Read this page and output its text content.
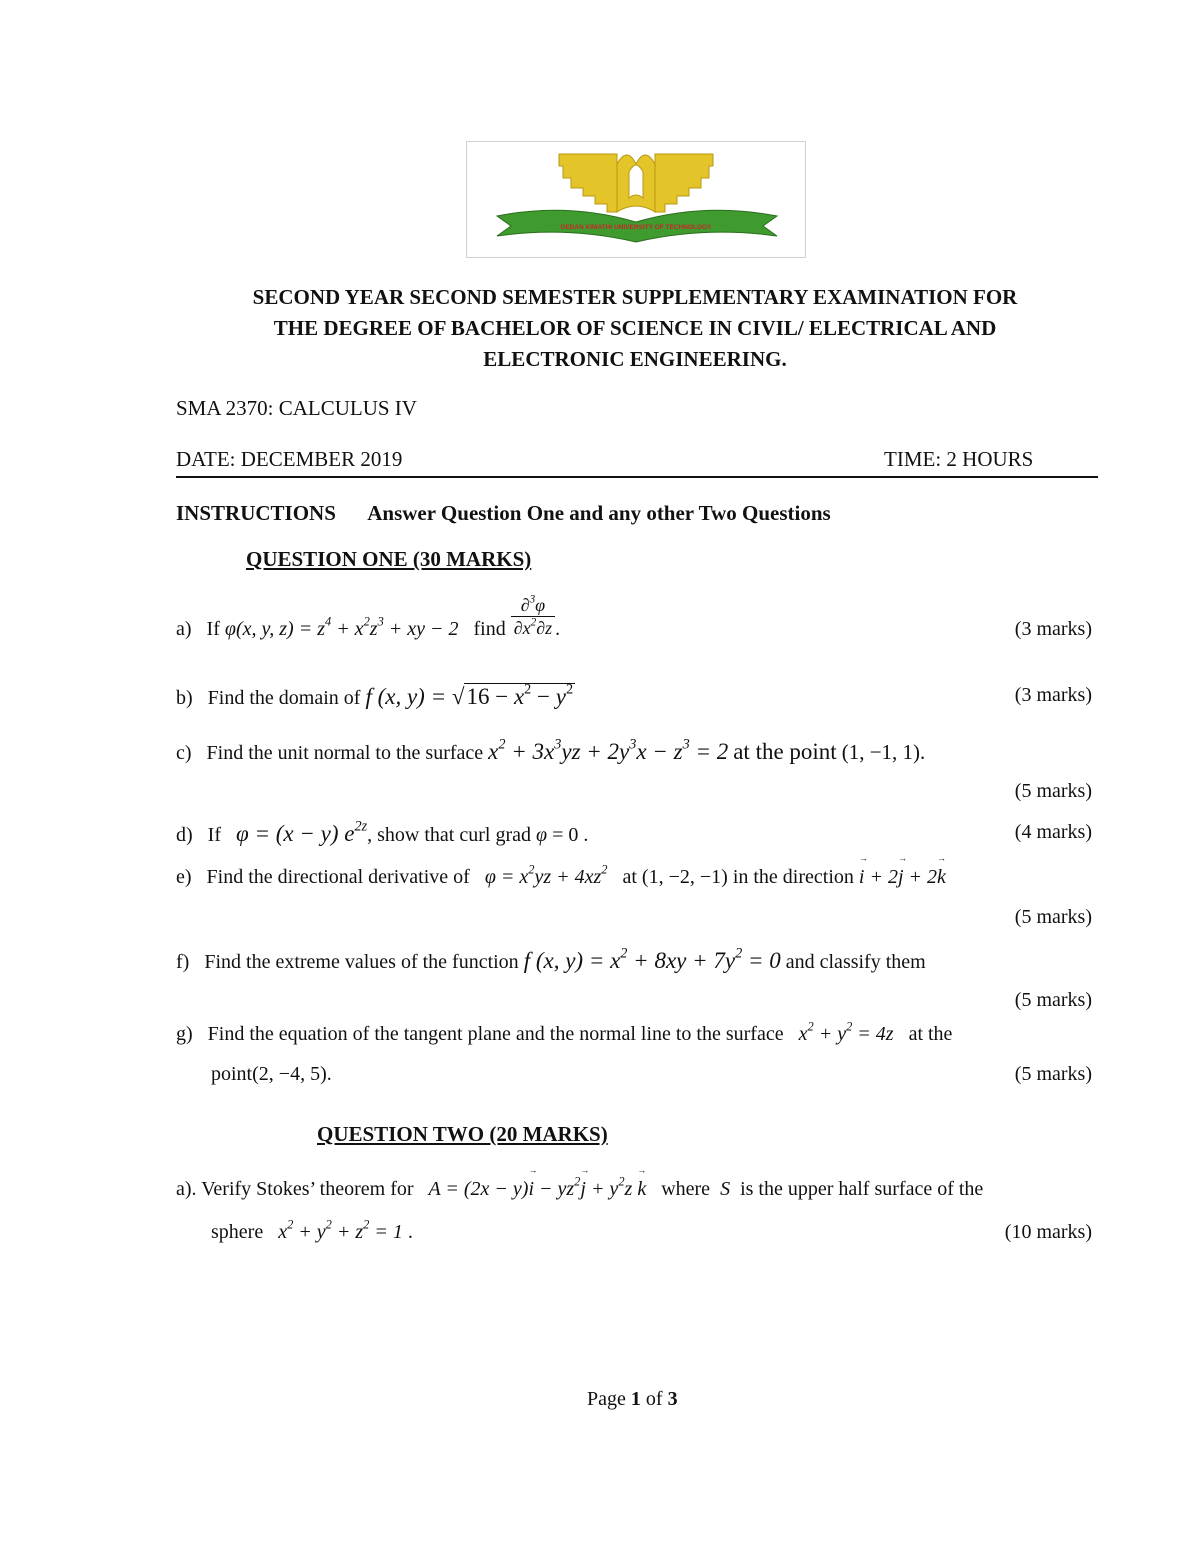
DEDAN KIMATHI UNIVERSITY OF TECHNOLOGY
SECOND YEAR SECOND SEMESTER SUPPLEMENTARY EXAMINATION FOR
THE DEGREE OF BACHELOR OF SCIENCE IN CIVIL/ ELECTRICAL AND
ELECTRONIC ENGINEERING.
SMA 2370: CALCULUS IV
DATE: DECEMBER 2019	TIME: 2 HOURS
INSTRUCTIONS Answer Question One and any other Two Questions
QUESTION ONE (30 MARKS)
a) If φ(x, y, $z) = z^4 + x^2z^3$ + xy − 2 find $\frac{\partial^3\varphi}{\partial x^2\partial z}$ .	(3 marks)
b) Find the domain of f (x, $y) = √16 - x^2 - y^2$	(3 marks)
c) Find the unit normal to the surface $x^2 + 3x^3yz + 2y^3x - z^3 = 2$ at the point (1, −1, 1).
(5 marks)
d) If φ = (x − y) $e^{2z}$, show that curl grad φ = 0 .	(4 marks)
e) Find the directional derivative of $\varphi = x^2yz + 4xz^2$ at (1, −2, −1) in the direction → i + 2→ j + 2→ k
(5 marks)
f) Find the extreme values of the function f (x, $y) = x^2 + 8xy + 7y^2 = 0$ and classify them
(5 marks)
g) Find the equation of the tangent plane and the normal line to the surface $x^2 + y^2 = 4z$ at the
point(2, −4, 5).	(5 marks)
QUESTION TWO (20 MARKS)
a). Verify Stokes’ theorem for $A = (2x - y)\to i - yz^2\to j + y^2z \to k$ where S is the upper half surface of the
sphere $x^2 + y^2 + z^2 = 1$ .	(10 marks)
Page 1 of 3
